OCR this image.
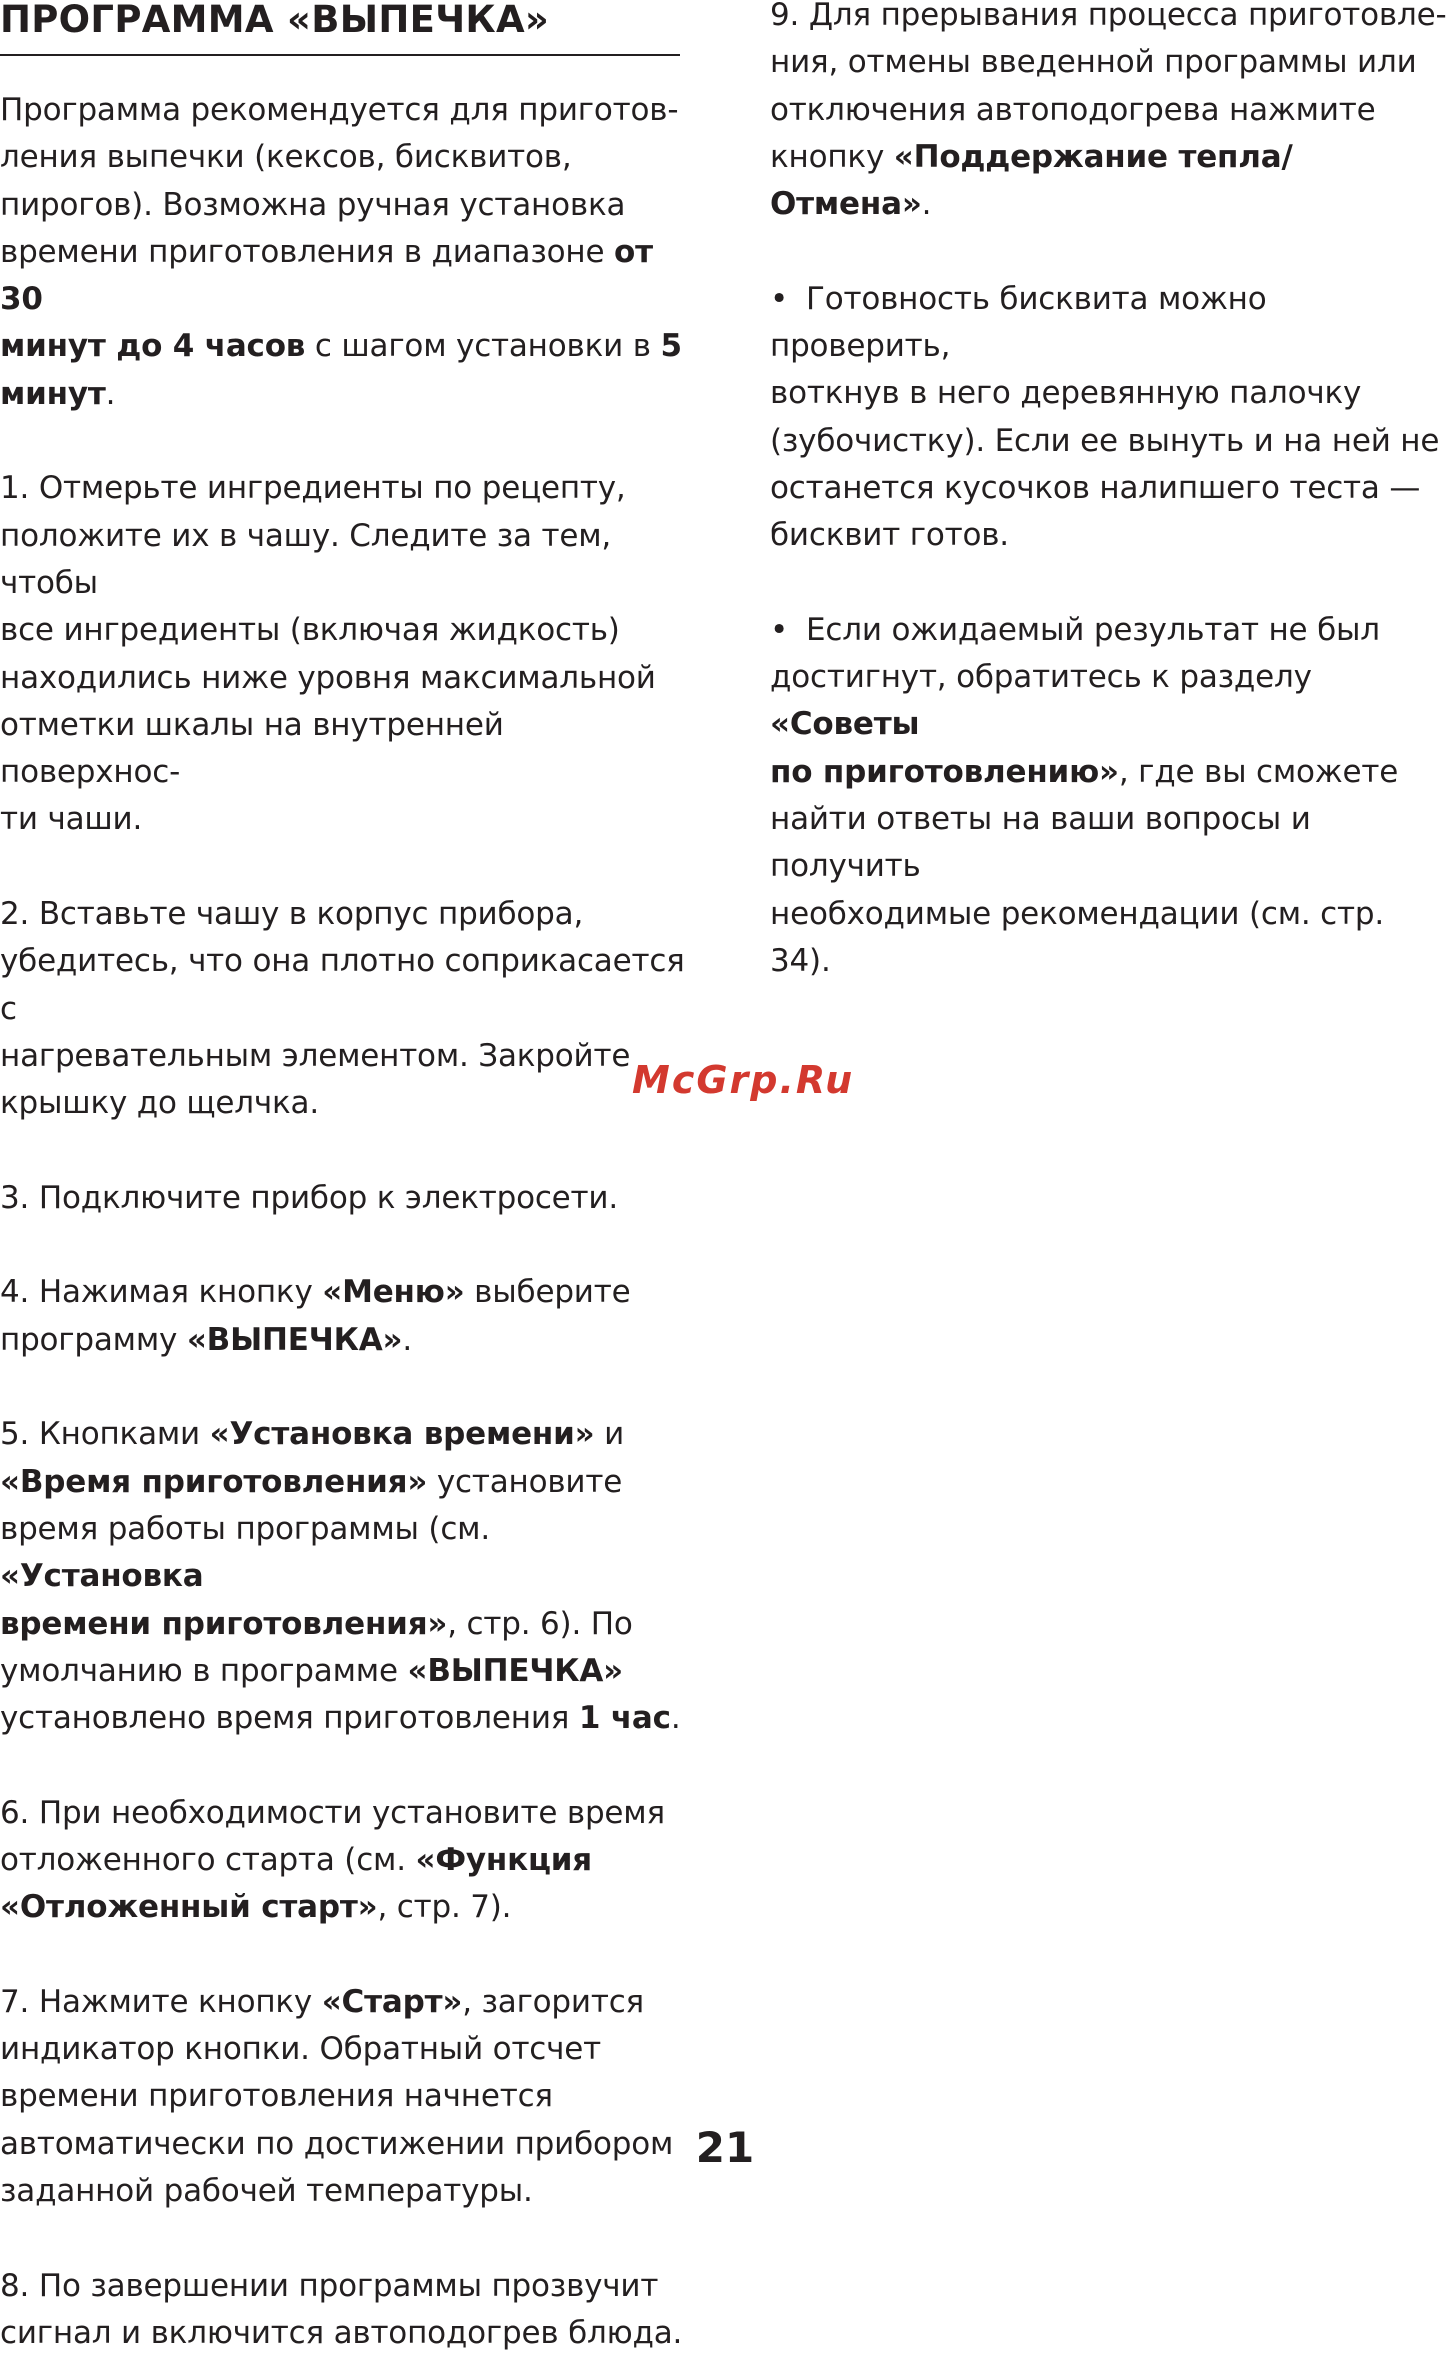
ПРОГРАММА «ВЫПЕЧКА»

Программа рекомендуется для приготов-
ления выпечки (кексов, бисквитов,
пирогов). Возможна ручная установка
времени приготовления в диапазоне от 30
минут до 4 часов с шагом установки в 5
минут.

1. Отмерьте ингредиенты по рецепту,
положите их в чашу. Следите за тем, чтобы
все ингредиенты (включая жидкость)
находились ниже уровня максимальной
отметки шкалы на внутренней поверхнос-
ти чаши.

2. Вставьте чашу в корпус прибора,
убедитесь, что она плотно соприкасается с
нагревательным элементом. Закройте
крышку до щелчка.

3. Подключите прибор к электросети.

4. Нажимая кнопку «Меню» выберите
программу «ВЫПЕЧКА».

5. Кнопками «Установка времени» и
«Время приготовления» установите
время работы программы (см. «Установка
времени приготовления», стр. 6). По
умолчанию в программе «ВЫПЕЧКА»
установлено время приготовления 1 час.

6. При необходимости установите время
отложенного старта (см. «Функция
«Отложенный старт», стр. 7).

7. Нажмите кнопку «Старт», загорится
индикатор кнопки. Обратный отсчет
времени приготовления начнется
автоматически по достижении прибором
заданной рабочей температуры.

8. По завершении программы прозвучит
сигнал и включится автоподогрев блюда.

9. Для прерывания процесса приготовле-
ния, отмены введенной программы или
отключения автоподогрева нажмите
кнопку «Поддержание тепла/Отмена».

• Готовность бисквита можно проверить,
воткнув в него деревянную палочку
(зубочистку). Если ее вынуть и на ней не
останется кусочков налипшего теста —
бисквит готов.

• Если ожидаемый результат не был
достигнут, обратитесь к разделу «Советы
по приготовлению», где вы сможете
найти ответы на ваши вопросы и получить
необходимые рекомендации (см. стр. 34).

McGrp.Ru
21
